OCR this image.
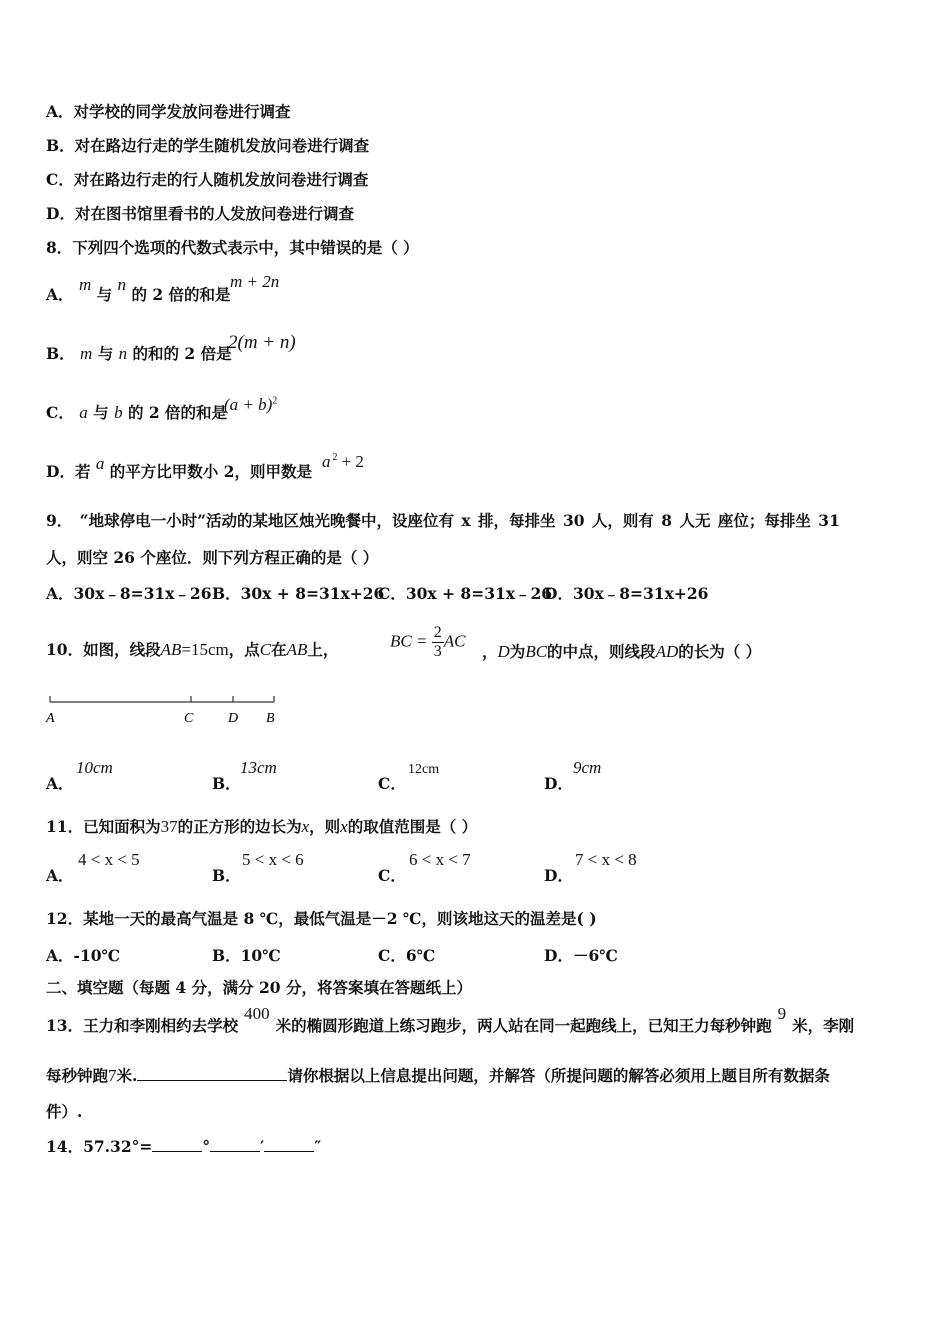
A．对学校的同学发放问卷进行调查
B．对在路边行走的学生随机发放问卷进行调查
C．对在路边行走的行人随机发放问卷进行调查
D．对在图书馆里看书的人发放问卷进行调查
8．下列四个选项的代数式表示中，其中错误的是（ ）
A． m 与 n 的 2 倍的和是
m + 2n
B． m 与 n 的和的 2 倍是
2(m + n)
C． a 与 b 的 2 倍的和是
$(a + b)^2$
D．若 a 的平方比甲数小 2，则甲数是
a $^2$ + 2
9． “地球停电一小时”活动的某地区烛光晚餐中，设座位有 x 排，每排坐 30 人，则有 8 人无 座位；每排坐 31
人，则空 26 个座位．则下列方程正确的是（ ）
A．30x﹣8=31x﹣26 B．30x + 8=31x+26
C．30x + 8=31x﹣26
D．30x﹣8=31x+26
10．如图，线段AB=15cm，点C在AB上，	BC = $\frac{2}{3}$ AC
，D为BC的中点，则线段AD的长为（ ）
A	C D B
A．
10cm
B．
13cm
C．
12cm
D．
9cm
11．已知面积为37的正方形的边长为x，则x的取值范围是（ ）
A．
4 < x < 5
B．
5 < x < 6
C．
6 < x < 7
D．
7 < x < 8
12．某地一天的最高气温是 8 ℃，最低气温是－2 ℃，则该地这天的温差是( )
A．-10℃	B．10℃	C．6℃	D．－6℃
二、填空题（每题 4 分，满分 20 分，将答案填在答题纸上）
13．王力和李刚相约去学校400米的椭圆形跑道上练习跑步，两人站在同一起跑线上，已知王力每秒钟跑9米，李刚
每秒钟跑7米.	请你根据以上信息提出问题，并解答（所提问题的解答必须用上题目所有数据条
件）.
14．57.32°=	°	′	″
